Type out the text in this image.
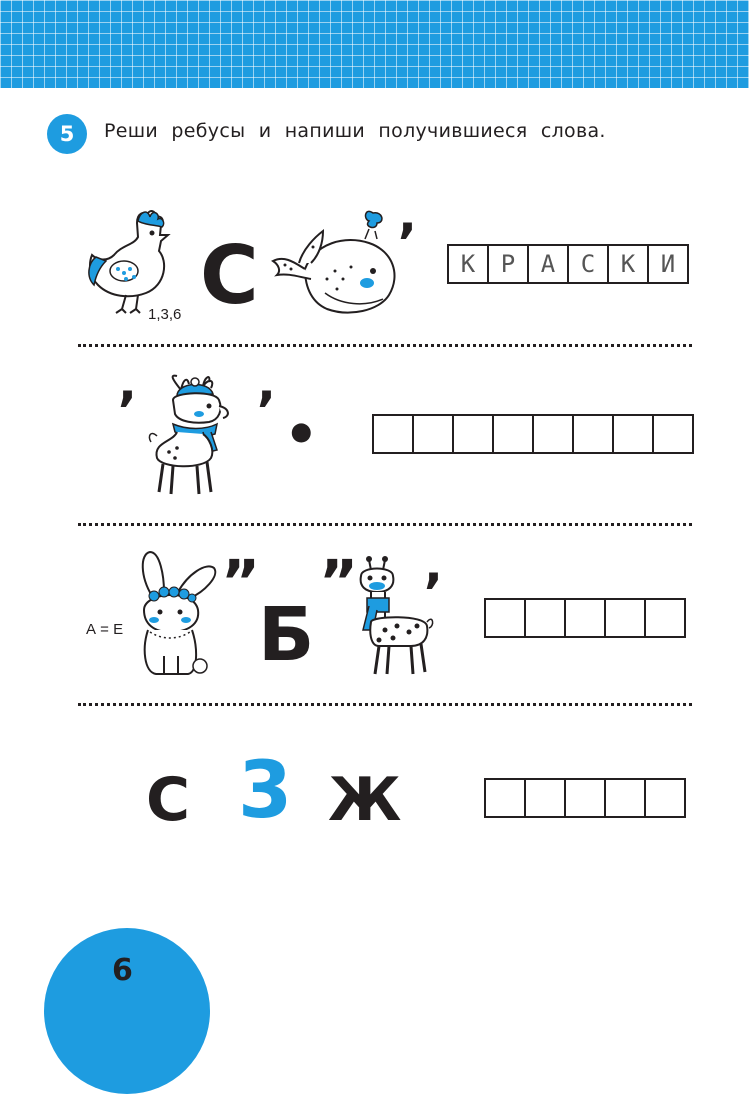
5	Реши ребусы и напиши получившиеся слова.
1,3,6 С
,
К	Р	А	С	К	И
, ,
•
А = Е
„
Б
„ ,
С 3 Ж
6
